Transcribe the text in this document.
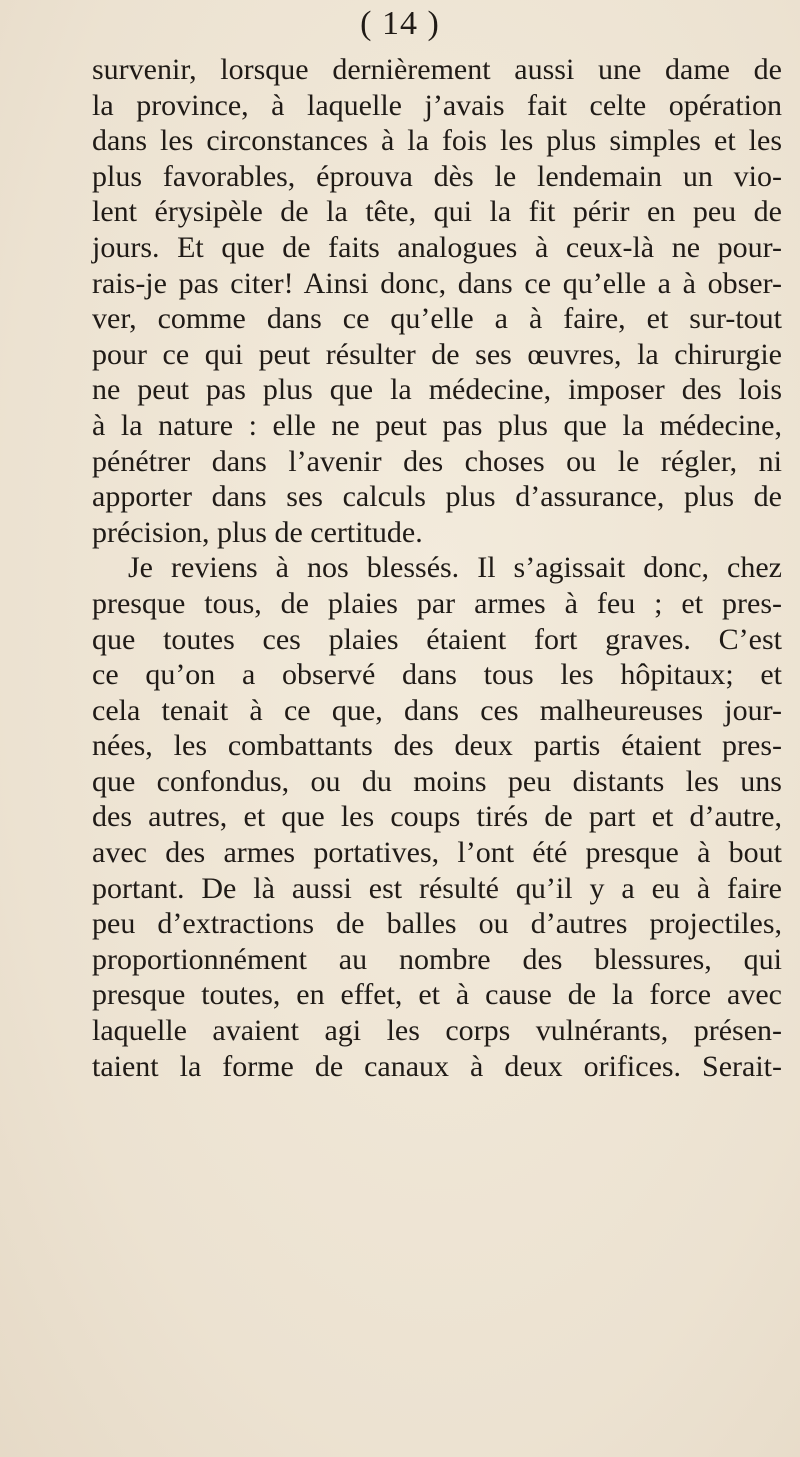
( 14 )
survenir, lorsque dernièrement aussi une dame de
la province, à laquelle j’avais fait celte opération
dans les circonstances à la fois les plus simples et les
plus favorables, éprouva dès le lendemain un vio-
lent érysipèle de la tête, qui la fit périr en peu de
jours. Et que de faits analogues à ceux-là ne pour-
rais-je pas citer! Ainsi donc, dans ce qu’elle a à obser-
ver, comme dans ce qu’elle a à faire, et sur-tout
pour ce qui peut résulter de ses œuvres, la chirurgie
ne peut pas plus que la médecine, imposer des lois
à la nature : elle ne peut pas plus que la médecine,
pénétrer dans l’avenir des choses ou le régler, ni
apporter dans ses calculs plus d’assurance, plus de
précision, plus de certitude.
Je reviens à nos blessés. Il s’agissait donc, chez
presque tous, de plaies par armes à feu ; et pres-
que toutes ces plaies étaient fort graves. C’est
ce qu’on a observé dans tous les hôpitaux; et
cela tenait à ce que, dans ces malheureuses jour-
nées, les combattants des deux partis étaient pres-
que confondus, ou du moins peu distants les uns
des autres, et que les coups tirés de part et d’autre,
avec des armes portatives, l’ont été presque à bout
portant. De là aussi est résulté qu’il y a eu à faire
peu d’extractions de balles ou d’autres projectiles,
proportionnément au nombre des blessures, qui
presque toutes, en effet, et à cause de la force avec
laquelle avaient agi les corps vulnérants, présen-
taient la forme de canaux à deux orifices. Serait-
